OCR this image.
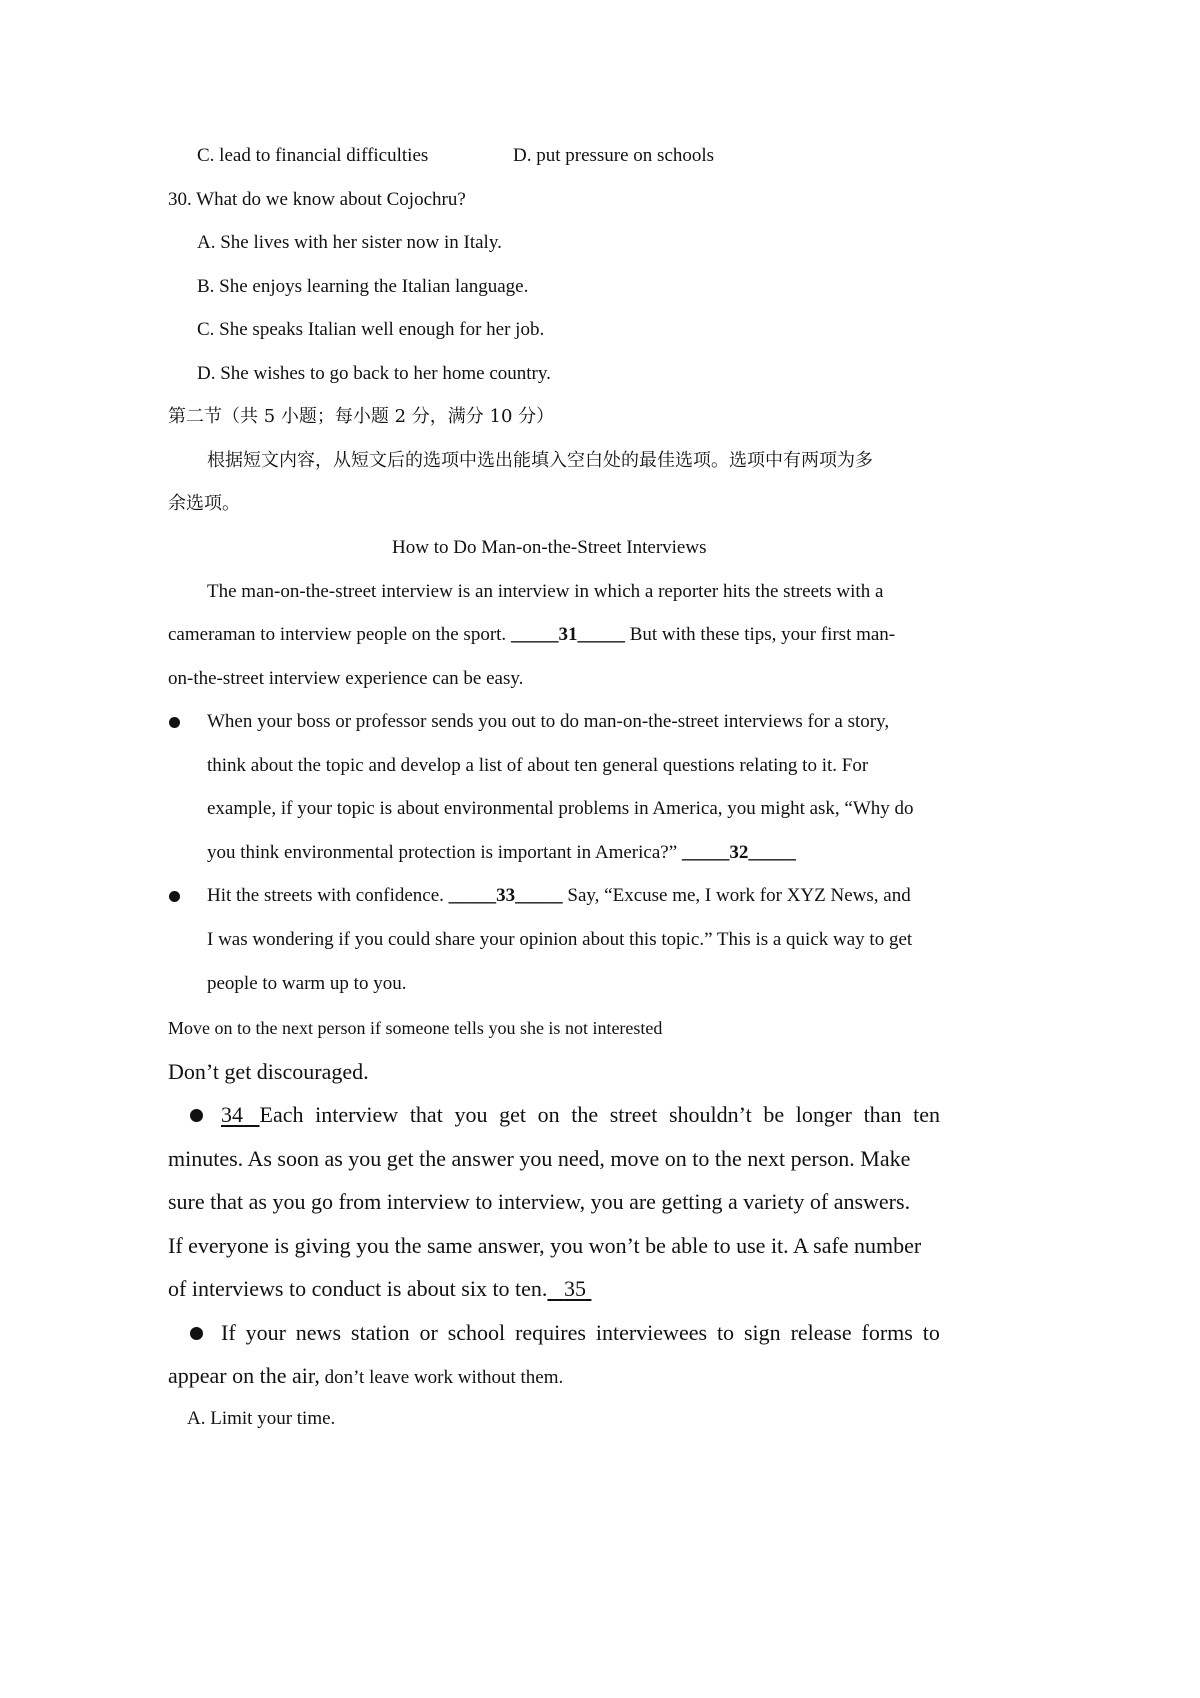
C. lead to financial difficulties	D. put pressure on schools
30. What do we know about Cojochru?
A. She lives with her sister now in Italy.
B. She enjoys learning the Italian language.
C. She speaks Italian well enough for her job.
D. She wishes to go back to her home country.
第二节（共 5 小题；每小题 2 分，满分 10 分）
根据短文内容，从短文后的选项中选出能填入空白处的最佳选项。选项中有两项为多
余选项。
How to Do Man-on-the-Street Interviews
The man-on-the-street interview is an interview in which a reporter hits the streets with a
cameraman to interview people on the sport. _____31_____ But with these tips, your first man-
on-the-street interview experience can be easy.
When your boss or professor sends you out to do man-on-the-street interviews for a story,
think about the topic and develop a list of about ten general questions relating to it. For
example, if your topic is about environmental problems in America, you might ask, “Why do
you think environmental protection is important in America?” _____32_____
Hit the streets with confidence. _____33_____ Say, “Excuse me, I work for XYZ News, and
I was wondering if you could share your opinion about this topic.” This is a quick way to get
people to warm up to you.
Move on to the next person if someone tells you she is not interested
Don’t get discouraged.
34 Each interview that you get on the street shouldn’t be longer than ten
minutes. As soon as you get the answer you need, move on to the next person. Make
sure that as you go from interview to interview, you are getting a variety of answers.
If everyone is giving you the same answer, you won’t be able to use it. A safe number
of interviews to conduct is about six to ten. 35
If your news station or school requires interviewees to sign release forms to
appear on the air, don’t leave work without them.
A. Limit your time.
